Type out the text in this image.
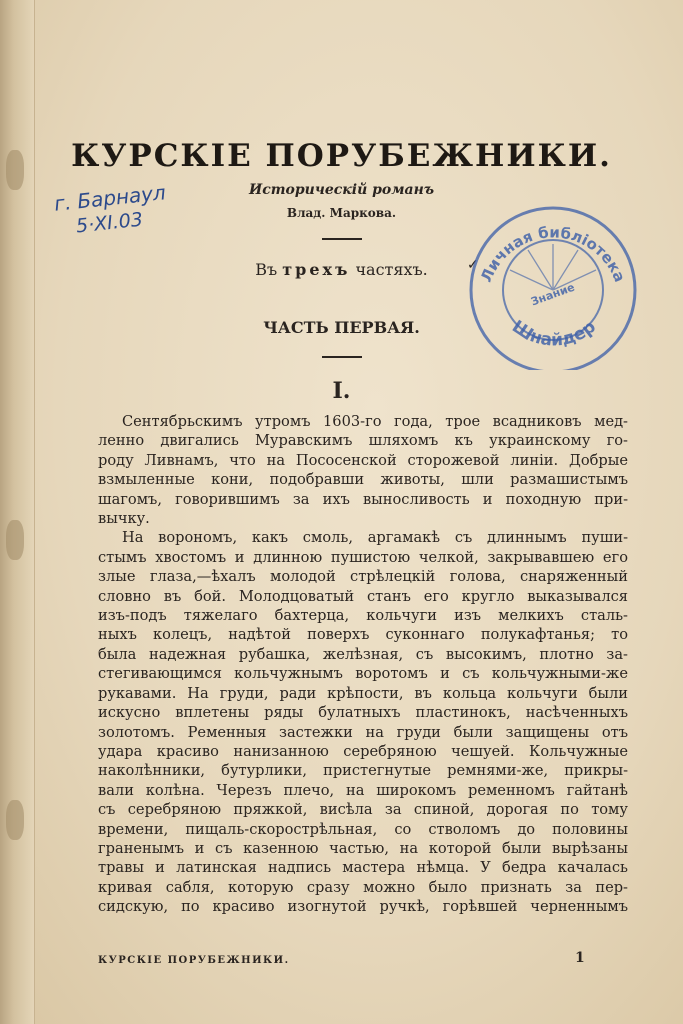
КУРСКІЕ ПОРУБЕЖНИКИ.
Историческій романъ
Влад. Маркова.
Въ трехъ частяхъ.	✓
ЧАСТЬ ПЕРВАЯ.
I.
г. Барнаул
5·XI.03
Личная библiотека
Шнайдер
Знание
Сентябрьскимъ утромъ 1603-го года, трое всадниковъ мед-
ленно двигались Муравскимъ шляхомъ къ украинскому го-
роду Ливнамъ, что на Пососенской сторожевой линіи. Добрые
взмыленные кони, подобравши животы, шли размашистымъ
шагомъ, говорившимъ за ихъ выносливость и походную при-
вычку.
На ворономъ, какъ смоль, аргамакѣ съ длиннымъ пуши-
стымъ хвостомъ и длинною пушистою челкой, закрывавшею его
злые глаза,—ѣхалъ молодой стрѣлецкій голова, снаряженный
словно въ бой. Молодцоватый станъ его кругло выказывался
изъ-подъ тяжелаго бахтерца, кольчуги изъ мелкихъ сталь-
ныхъ колецъ, надѣтой поверхъ суконнаго полукафтанья; то
была надежная рубашка, желѣзная, съ высокимъ, плотно за-
стегивающимся кольчужнымъ воротомъ и съ кольчужными-же
рукавами. На груди, ради крѣпости, въ кольца кольчуги были
искусно вплетены ряды булатныхъ пластинокъ, насѣченныхъ
золотомъ. Ременныя застежки на груди были защищены отъ
удара красиво нанизанною серебряною чешуей. Кольчужные
наколѣнники, бутурлики, пристегнутые ремнями-же, прикры-
вали колѣна. Черезъ плечо, на широкомъ ременномъ гайтанѣ
съ серебряною пряжкой, висѣла за спиной, дорогая по тому
времени, пищаль-скорострѣльная, со стволомъ до половины
граненымъ и съ казенною частью, на которой были вырѣзаны
травы и латинская надпись мастера нѣмца. У бедра качалась
кривая сабля, которую сразу можно было признать за пер-
сидскую, по красиво изогнутой ручкѣ, горѣвшей черненнымъ
КУРСКІЕ ПОРУБЕЖНИКИ.	1
